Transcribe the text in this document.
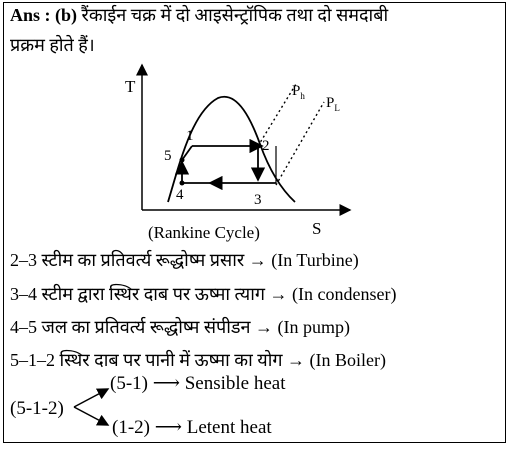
Ans : (b) रैंकाईन चक्र में दो आइसेन्ट्रॉपिक तथा दो समदाबी
प्रक्रम होते हैं।
T
S
$P_h$ $P_L$
1
2
3
4
5
(Rankine Cycle)
2–3 स्टीम का प्रतिवर्त्य रूद्धोष्म प्रसार → (In Turbine)
3–4 स्टीम द्वारा स्थिर दाब पर ऊष्मा त्याग → (In condenser)
4–5 जल का प्रतिवर्त्य रूद्धोष्म संपीडन → (In pump)
5–1–2 स्थिर दाब पर पानी में ऊष्मा का योग → (In Boiler)
(5-1-2)
(5-1) ⟶ Sensible heat
(1-2) ⟶ Letent heat
